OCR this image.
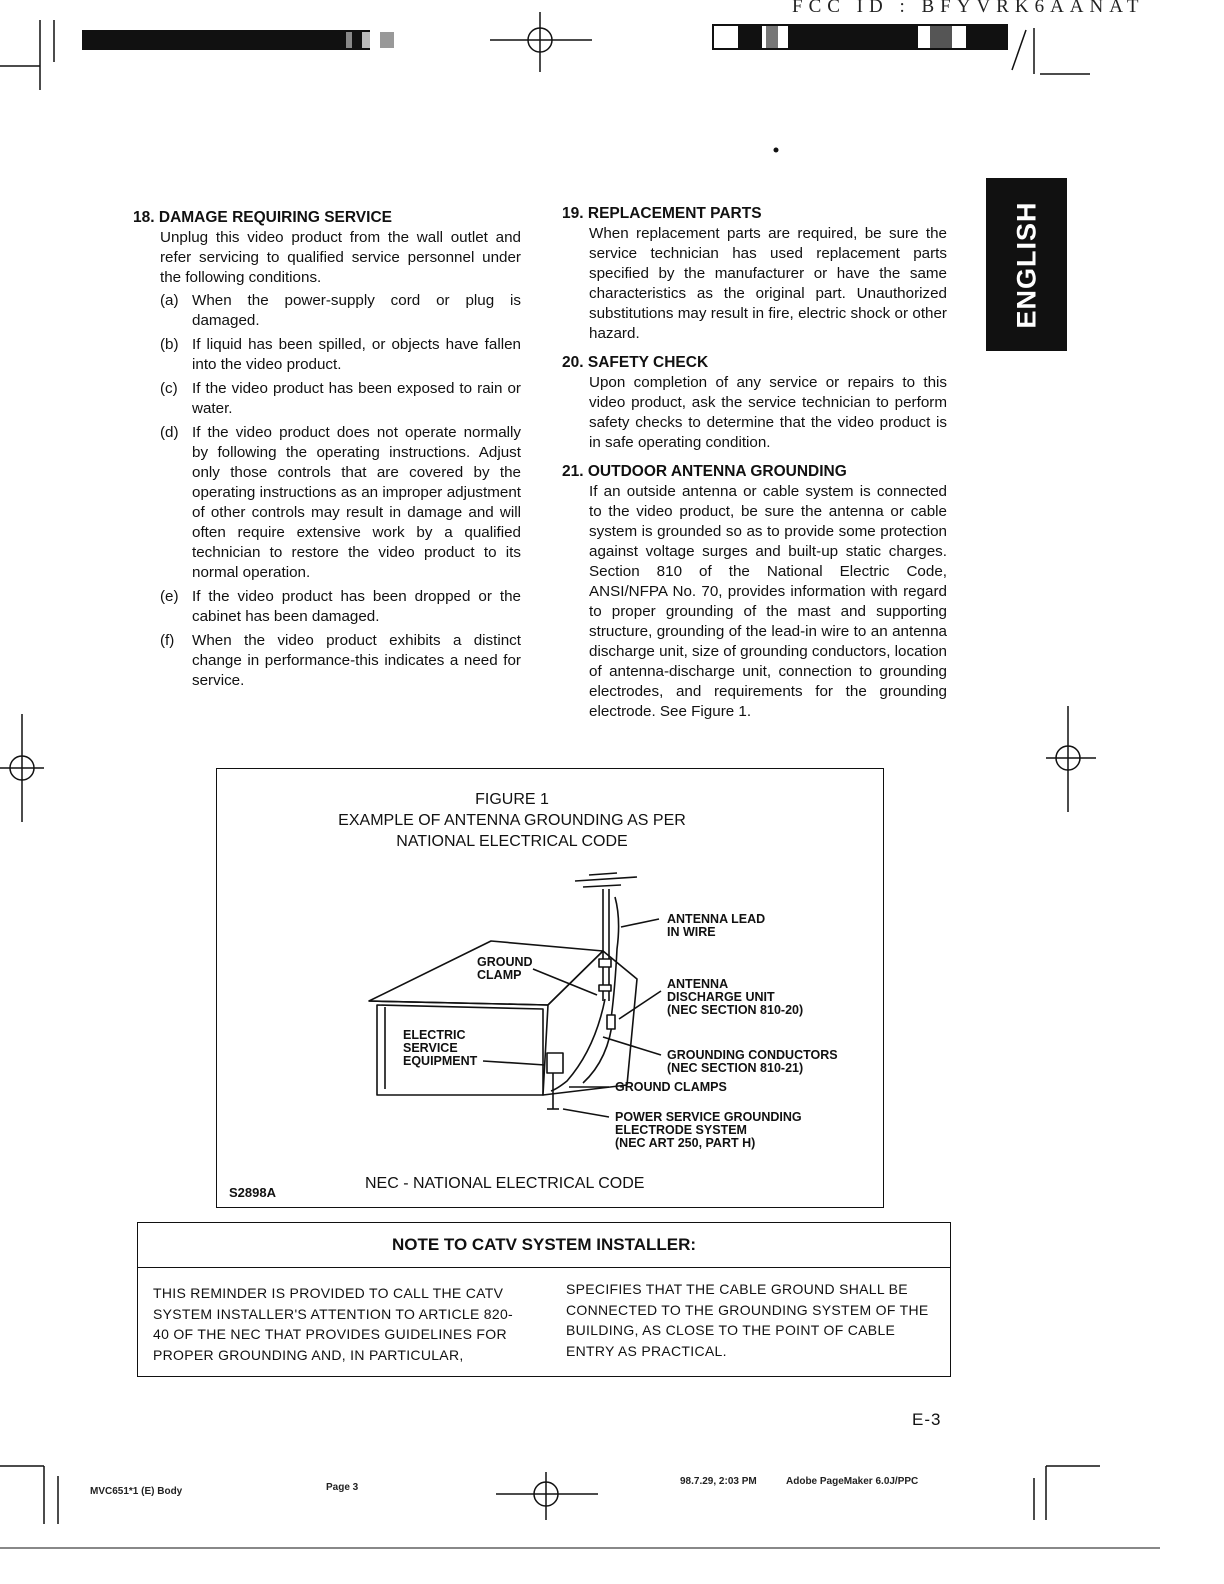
FCC ID : BFYVRK6AANAT
ENGLISH

18. DAMAGE REQUIRING SERVICE

Unplug this video product from the wall outlet and refer servicing to qualified service personnel under the following conditions.

(a) When the power-supply cord or plug is damaged.
(b) If liquid has been spilled, or objects have fallen into the video product.
(c) If the video product has been exposed to rain or water.
(d) If the video product does not operate normally by following the operating instructions. Adjust only those controls that are covered by the operating instructions as an improper adjustment of other controls may result in damage and will often require extensive work by a qualified technician to restore the video product to its normal operation.
(e) If the video product has been dropped or the cabinet has been damaged.
(f) When the video product exhibits a distinct change in performance-this indicates a need for service.

19. REPLACEMENT PARTS

When replacement parts are required, be sure the service technician has used replacement parts specified by the manufacturer or have the same characteristics as the original part. Unauthorized substitutions may result in fire, electric shock or other hazard.

20. SAFETY CHECK

Upon completion of any service or repairs to this video product, ask the service technician to perform safety checks to determine that the video product is in safe operating condition.

21. OUTDOOR ANTENNA GROUNDING

If an outside antenna or cable system is connected to the video product, be sure the antenna or cable system is grounded so as to provide some protection against voltage surges and built-up static charges. Section 810 of the National Electric Code, ANSI/NFPA No. 70, provides information with regard to proper grounding of the mast and supporting structure, grounding of the lead-in wire to an antenna discharge unit, size of grounding conductors, location of antenna-discharge unit, connection to grounding electrodes, and requirements for the grounding electrode. See Figure 1.

FIGURE 1
EXAMPLE OF ANTENNA GROUNDING AS PER
NATIONAL ELECTRICAL CODE
ANTENNA LEAD
IN WIRE
GROUND
CLAMP
ANTENNA
DISCHARGE UNIT
(NEC SECTION 810-20)
ELECTRIC
SERVICE
EQUIPMENT	GROUNDING CONDUCTORS
(NEC SECTION 810-21)
GROUND CLAMPS
POWER SERVICE GROUNDING
ELECTRODE SYSTEM
(NEC ART 250, PART H)
S2898A
NEC - NATIONAL ELECTRICAL CODE
NOTE TO CATV SYSTEM INSTALLER:
THIS REMINDER IS PROVIDED TO CALL THE CATV SYSTEM INSTALLER'S ATTENTION TO ARTICLE 820-40 OF THE NEC THAT PROVIDES GUIDELINES FOR PROPER GROUNDING AND, IN PARTICULAR,
SPECIFIES THAT THE CABLE GROUND SHALL BE CONNECTED TO THE GROUNDING SYSTEM OF THE BUILDING, AS CLOSE TO THE POINT OF CABLE ENTRY AS PRACTICAL.
E-3
MVC651*1 (E) Body	Page 3
98.7.29, 2:03 PM	Adobe PageMaker 6.0J/PPC
